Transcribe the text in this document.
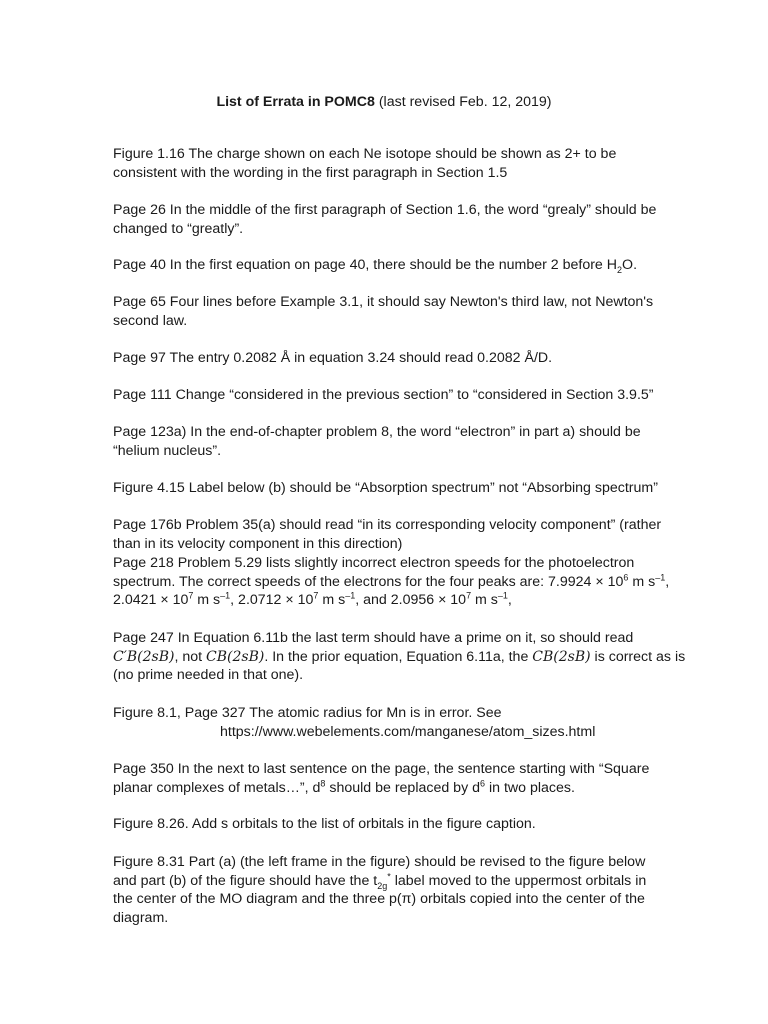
List of Errata in POMC8 (last revised Feb. 12, 2019)
Figure 1.16 The charge shown on each Ne isotope should be shown as 2+ to be
consistent with the wording in the first paragraph in Section 1.5
Page 26 In the middle of the first paragraph of Section 1.6, the word “grealy” should be
changed to “greatly”.
Page 40 In the first equation on page 40, there should be the number 2 before $H_2O$.
Page 65 Four lines before Example 3.1, it should say Newton's third law, not Newton's
second law.
Page 97 The entry 0.2082 Å in equation 3.24 should read 0.2082 Å/D.
Page 111 Change “considered in the previous section” to “considered in Section 3.9.5”
Page 123a) In the end-of-chapter problem 8, the word “electron” in part a) should be
“helium nucleus”.
Figure 4.15 Label below (b) should be “Absorption spectrum” not “Absorbing spectrum”
Page 176b Problem 35(a) should read “in its corresponding velocity component” (rather
than in its velocity component in this direction)
Page 218 Problem 5.29 lists slightly incorrect electron speeds for the photoelectron
spectrum. The correct speeds of the electrons for the four peaks are: $7.9924 \times 10^6$ m $s^{-1}$,
$2.0421 \times 10^7$ m $s^{-1}$, $2.0712 \times 10^7$ m $s^{-1}$, and $2.0956 \times 10^7$ m $s^{-1}$,
Page 247 In Equation 6.11b the last term should have a prime on it, so should read
C′B(2sB), not CB(2sB). In the prior equation, Equation 6.11a, the CB(2sB) is correct as is
(no prime needed in that one).
Figure 8.1, Page 327 The atomic radius for Mn is in error. See
https://www.webelements.com/manganese/atom_sizes.html
Page 350 In the next to last sentence on the page, the sentence starting with “Square
planar complexes of metals…”, $d^8$ should be replaced by $d^6$ in two places.
Figure 8.26. Add s orbitals to the list of orbitals in the figure caption.
Figure 8.31 Part (a) (the left frame in the figure) should be revised to the figure below
and part (b) of the figure should have the $t_{2g}^*$ label moved to the uppermost orbitals in
the center of the MO diagram and the three p(π) orbitals copied into the center of the
diagram.
